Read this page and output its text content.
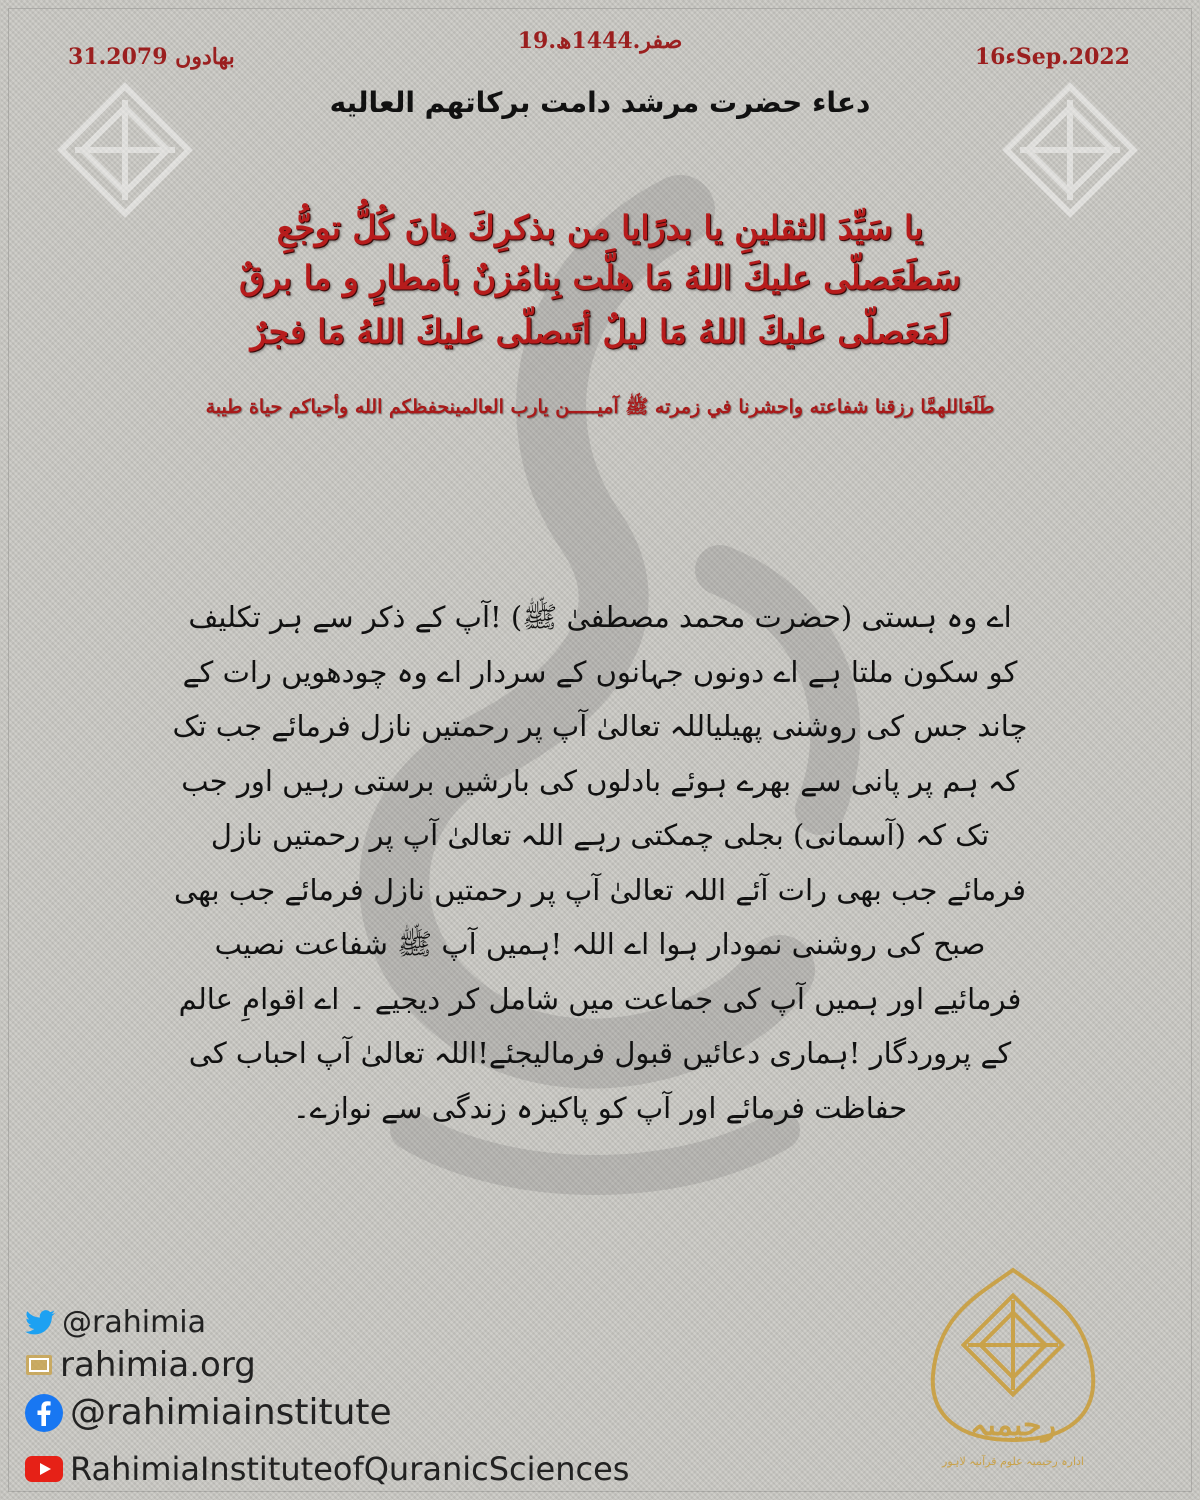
19.صفر.1444ھ
ء16Sep.2022
31.بھادوں 2079
دعاء حضرت مرشد دامت برکاتهم العالیه
يا سَيِّدَ الثقلينِ يا بدرًا‏يا من بذكرِكَ هانَ كُلُّ توجُّعِ‏
سَطَعَ‏صلّى عليكَ اللهُ مَا هلَّت بِنا‏مُزنٌ بأمطارٍ و ما برقٌ
لَمَعَ‏صلّى عليكَ اللهُ مَا ليلٌ أتَى‏صلّى عليكَ اللهُ مَا فجرٌ
طَلَعَاللهمَّا رزقنا شفاعته واحشرنا في زمرته ﷺ آميـــــن يارب العالمينحفظكم الله وأحياكم حياة طيبة
اے وہ ہستی (حضرت محمد مصطفیٰ ﷺ) !آپ کے ذکر سے ہر تکلیف کو سکون ملتا ہے اے دونوں جہانوں کے سردار اے وہ چودھویں رات کے چاند جس کی روشنی پھیلیاللہ تعالیٰ آپ پر رحمتیں نازل فرمائے جب تک کہ ہم پر پانی سے بھرے ہوئے بادلوں کی بارشیں برستی رہیں اور جب تک کہ (آسمانی) بجلی چمکتی رہے اللہ تعالیٰ آپ پر رحمتیں نازل فرمائے جب بھی رات آئے اللہ تعالیٰ آپ پر رحمتیں نازل فرمائے جب بھی صبح کی روشنی نمودار ہوا اے اللہ !ہمیں آپ ﷺ شفاعت نصیب فرمائیے اور ہمیں آپ کی جماعت میں شامل کر دیجیے ۔ اے اقوامِ عالم کے پروردگار !ہماری دعائیں قبول فرمالیجئے!اللہ تعالیٰ آپ احباب کی حفاظت فرمائے اور آپ کو پاکیزہ زندگی سے نوازے۔
@rahimia
rahimia.org
@rahimiainstitute
RahimiaInstituteofQuranicSciences
رحیمیہ
ادارہ رحیمیہ علوم قرآنیہ لاہور
